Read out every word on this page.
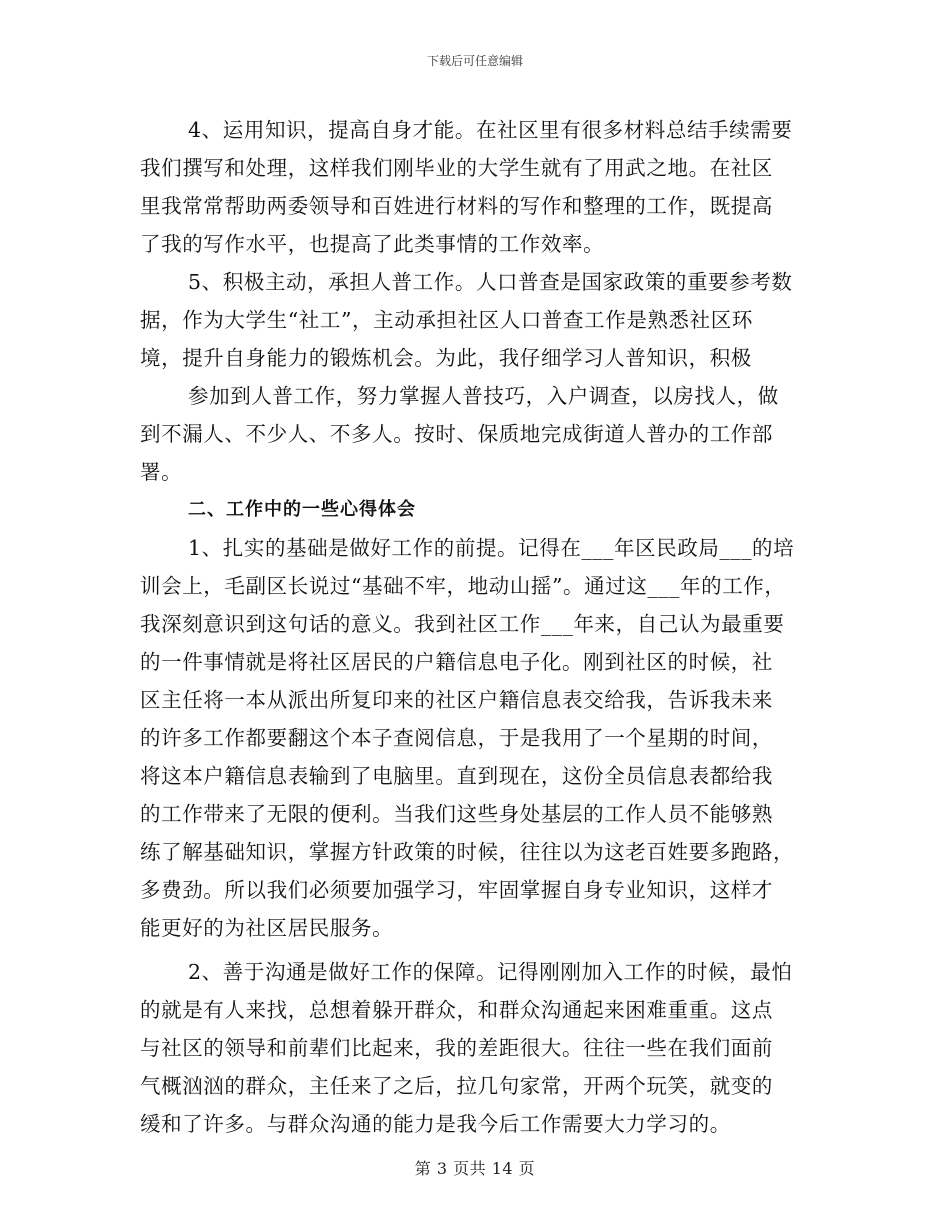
下载后可任意编辑
4、运用知识，提高自身才能。在社区里有很多材料总结手续需要
我们撰写和处理，这样我们刚毕业的大学生就有了用武之地。在社区
里我常常帮助两委领导和百姓进行材料的写作和整理的工作，既提高
了我的写作水平，也提高了此类事情的工作效率。
5、积极主动，承担人普工作。人口普查是国家政策的重要参考数
据，作为大学生“社工”，主动承担社区人口普查工作是熟悉社区环
境，提升自身能力的锻炼机会。为此，我仔细学习人普知识，积极
参加到人普工作，努力掌握人普技巧，入户调查，以房找人，做
到不漏人、不少人、不多人。按时、保质地完成街道人普办的工作部
署。
二、工作中的一些心得体会
1、扎实的基础是做好工作的前提。记得在___年区民政局___的培
训会上，毛副区长说过“基础不牢，地动山摇”。通过这___年的工作，
我深刻意识到这句话的意义。我到社区工作___年来，自己认为最重要
的一件事情就是将社区居民的户籍信息电子化。刚到社区的时候，社
区主任将一本从派出所复印来的社区户籍信息表交给我，告诉我未来
的许多工作都要翻这个本子查阅信息，于是我用了一个星期的时间，
将这本户籍信息表输到了电脑里。直到现在，这份全员信息表都给我
的工作带来了无限的便利。当我们这些身处基层的工作人员不能够熟
练了解基础知识，掌握方针政策的时候，往往以为这老百姓要多跑路，
多费劲。所以我们必须要加强学习，牢固掌握自身专业知识，这样才
能更好的为社区居民服务。
2、善于沟通是做好工作的保障。记得刚刚加入工作的时候，最怕
的就是有人来找，总想着躲开群众，和群众沟通起来困难重重。这点
与社区的领导和前辈们比起来，我的差距很大。往往一些在我们面前
气概汹汹的群众，主任来了之后，拉几句家常，开两个玩笑，就变的
缓和了许多。与群众沟通的能力是我今后工作需要大力学习的。
第 3 页共 14 页
